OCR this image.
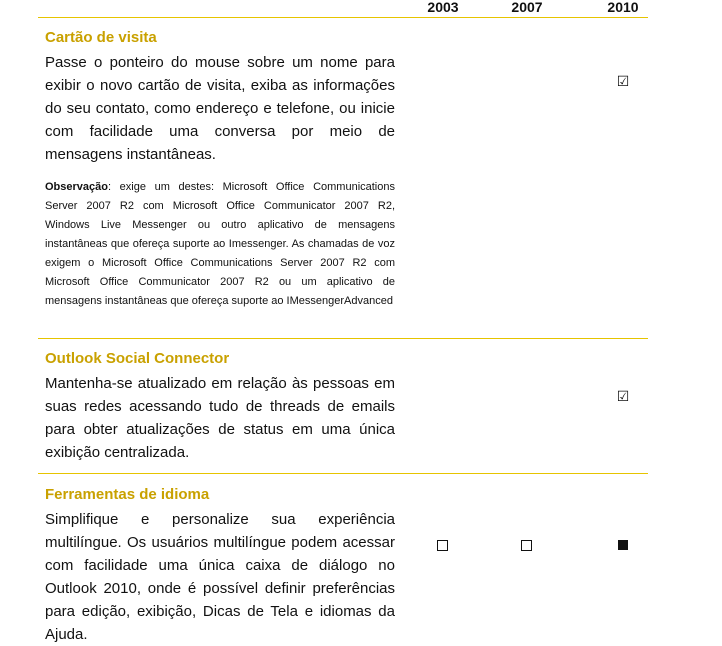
2003	2007	2010
Cartão de visita

Passe o ponteiro do mouse sobre um nome para exibir o novo cartão de visita, exiba as informações do seu contato, como endereço e telefone, ou inicie com facilidade uma conversa por meio de mensagens instantâneas.

Observação: exige um destes: Microsoft Office Communications Server 2007 R2 com Microsoft Office Communicator 2007 R2, Windows Live Messenger ou outro aplicativo de mensagens instantâneas que ofereça suporte ao Imessenger. As chamadas de voz exigem o Microsoft Office Communications Server 2007 R2 com Microsoft Office Communicator 2007 R2 ou um aplicativo de mensagens instantâneas que ofereça suporte ao IMessengerAdvanced

☑
Outlook Social Connector

Mantenha-se atualizado em relação às pessoas em suas redes acessando tudo de threads de emails para obter atualizações de status em uma única exibição centralizada.

☑
Ferramentas de idioma

Simplifique e personalize sua experiência multilíngue. Os usuários multilíngue podem acessar com facilidade uma única caixa de diálogo no Outlook 2010, onde é possível definir preferências para edição, exibição, Dicas de Tela e idiomas da Ajuda.
